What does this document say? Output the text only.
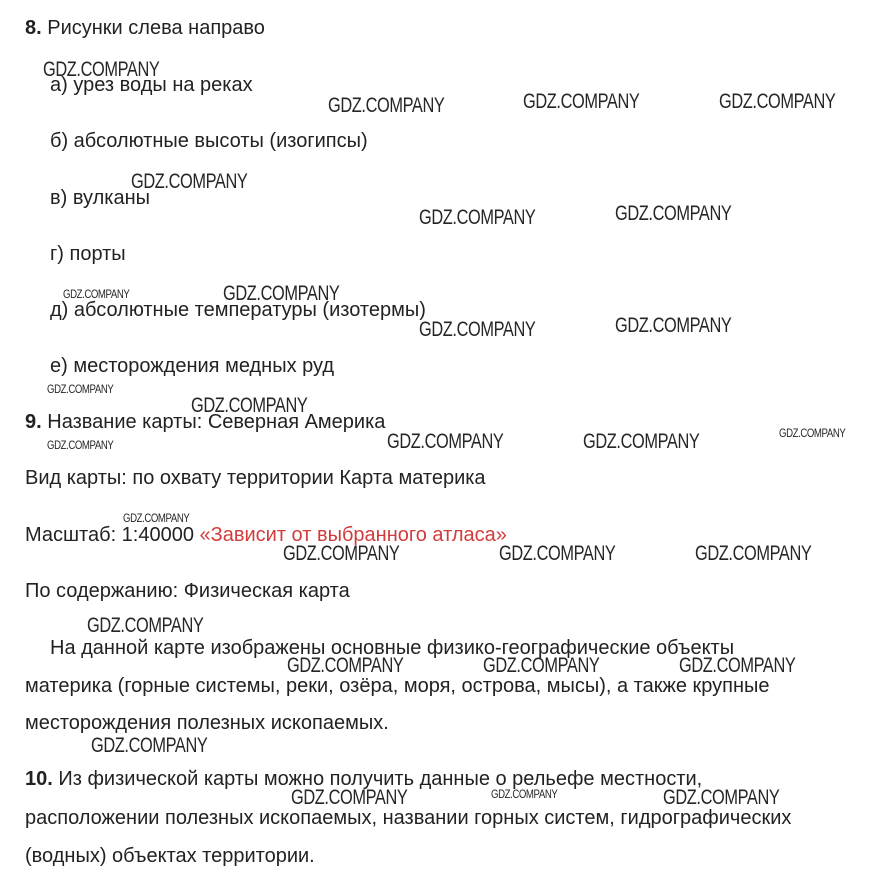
8. Рисунки слева направо
а) урез воды на реках
б) абсолютные высоты (изогипсы)
в) вулканы
г) порты
д) абсолютные температуры (изотермы)
е) месторождения медных руд
9. Название карты: Северная Америка
Вид карты: по охвату территории Карта материка
Масштаб: 1:40000 «Зависит от выбранного атласа»
По содержанию: Физическая карта
На данной карте изображены основные физико-географические объекты
материка (горные системы, реки, озёра, моря, острова, мысы), а также крупные
месторождения полезных ископаемых.
10. Из физической карты можно получить данные о рельефе местности,
расположении полезных ископаемых, названии горных систем, гидрографических
(водных) объектах территории.
GDZ.COMPANY
GDZ.COMPANY	GDZ.COMPANY	GDZ.COMPANY
GDZ.COMPANY
GDZ.COMPANY	GDZ.COMPANY
GDZ.COMPANY	GDZ.COMPANY
GDZ.COMPANY	GDZ.COMPANY
GDZ.COMPANY
GDZ.COMPANY
GDZ.COMPANY	GDZ.COMPANY	GDZ.COMPANY	GDZ.COMPANY
GDZ.COMPANY
GDZ.COMPANY	GDZ.COMPANY	GDZ.COMPANY
GDZ.COMPANY
GDZ.COMPANY	GDZ.COMPANY	GDZ.COMPANY
GDZ.COMPANY
GDZ.COMPANY	GDZ.COMPANY	GDZ.COMPANY
